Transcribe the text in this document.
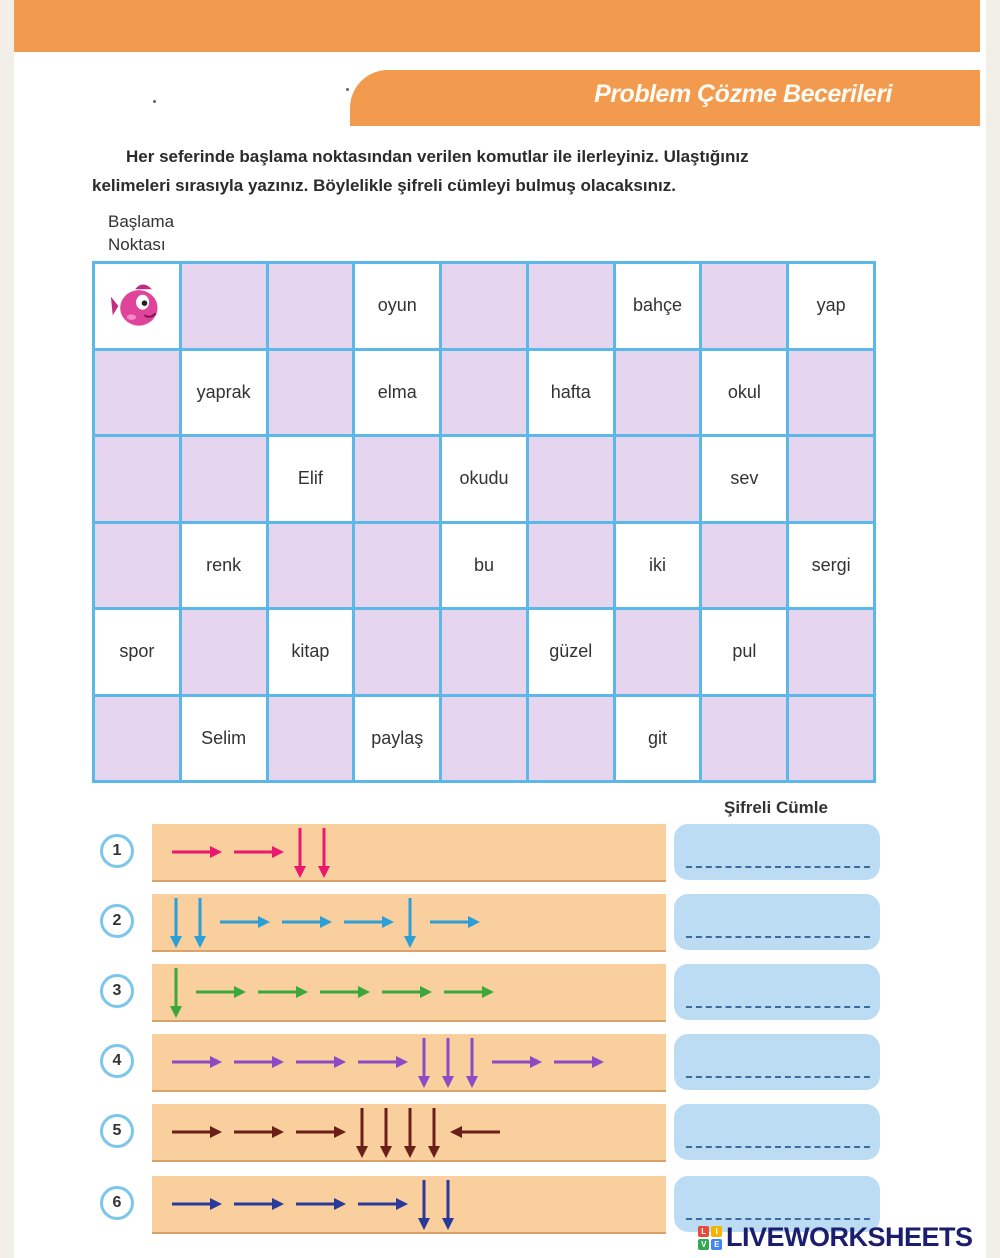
Problem Çözme Becerileri
Her seferinde başlama noktasından verilen komutlar ile ilerleyiniz. Ulaştığınız
kelimeleri sırasıyla yazınız. Böylelikle şifreli cümleyi bulmuş olacaksınız.
Başlama
Noktası
oyun	bahçe	yap
yaprak	elma	hafta	okul
Elif	okudu	sev
renk	bu	iki	sergi
spor	kitap	güzel	pul
Selim	paylaş	git
Şifreli Cümle
1
2
3
4
5
6
L	I
V	E LIVEWORKSHEETS
